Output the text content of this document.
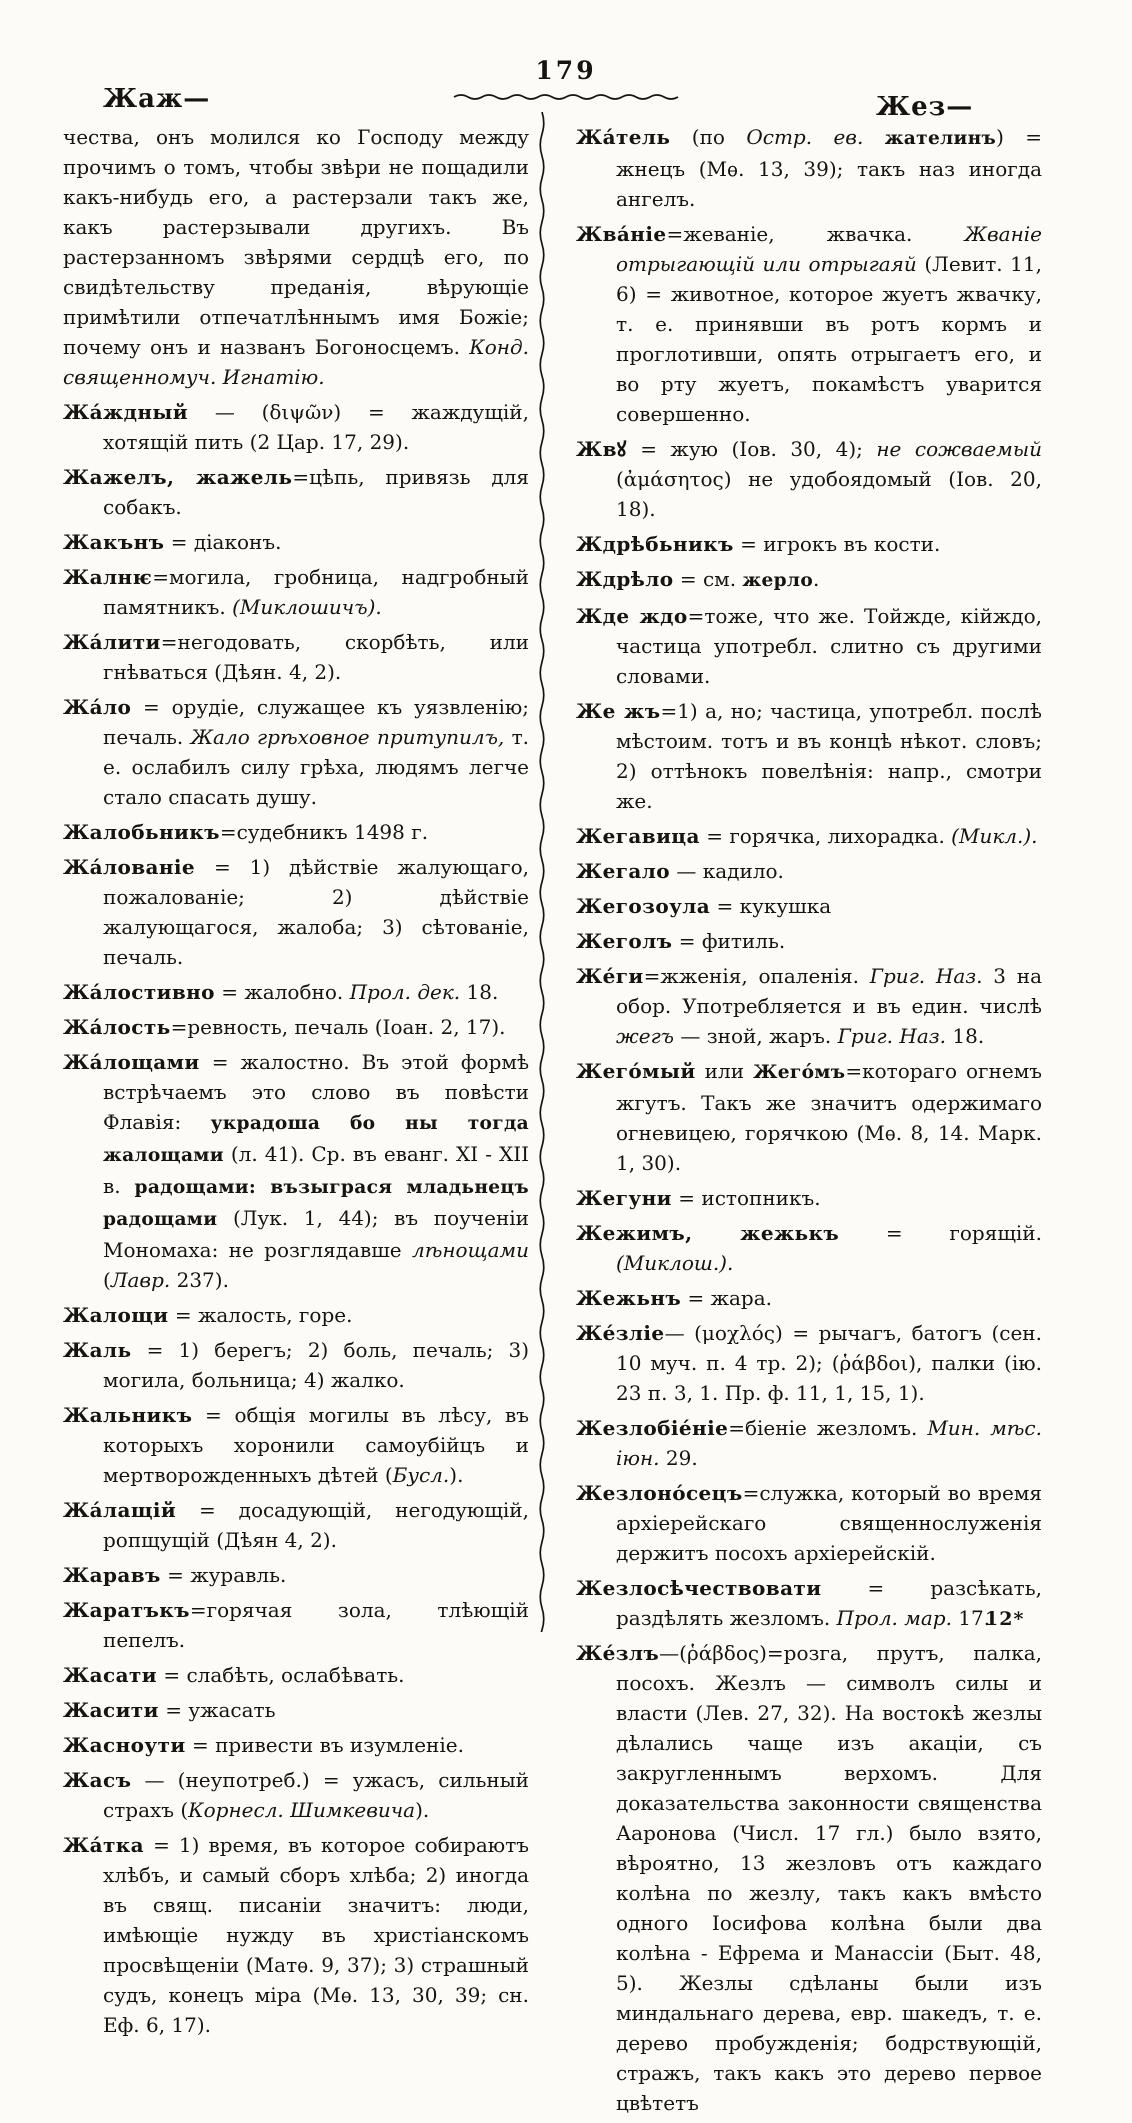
179
Жаж—	Жез—

чества, онъ молился ко Господу между прочимъ о томъ, чтобы звѣри не пощадили какъ-нибудь его, а растерзали такъ же, какъ растерзывали другихъ. Въ растерзанномъ звѣрями сердцѣ его, по свидѣтельству преданія, вѣрующіе примѣтили отпечатлѣннымъ имя Божіе; почему онъ и названъ Богоносцемъ. Конд. священномуч. Игнатію.

Жа́ждный — (διψῶν) = жаждущій, хотящій пить (2 Цар. 17, 29).

Жажелъ, жажель=цѣпь, привязь для собакъ.

Жакънъ = діаконъ.

Жалнѥ=могила, гробница, надгробный памятникъ. (Миклошичъ).

Жа́лити=негодовать, скорбѣть, или гнѣваться (Дѣян. 4, 2).

Жа́ло = орудіе, служащее къ уязвленію; печаль. Жало грѣховное притупилъ, т. е. ослабилъ силу грѣха, людямъ легче стало спасать душу.

Жалобьникъ=судебникъ 1498 г.

Жа́лованіе = 1) дѣйствіе жалующаго, пожалованіе; 2) дѣйствіе жалующагося, жалоба; 3) сѣтованіе, печаль.

Жа́лостивно = жалобно. Прол. дек. 18.

Жа́лость=ревность, печаль (Іоан. 2, 17).

Жа́лощами = жалостно. Въ этой формѣ встрѣчаемъ это слово въ повѣсти Флавія: украдоша бо ны тогда жалощами (л. 41). Ср. въ еванг. XI - XII в. радощами: възыграся младьнецъ радощами (Лук. 1, 44); въ поученіи Мономаха: не розглядавше лѣнощами (Лавр. 237).

Жалощи = жалость, горе.

Жаль = 1) берегъ; 2) боль, печаль; 3) могила, больница; 4) жалко.

Жальникъ = общія могилы въ лѣсу, въ которыхъ хоронили самоубійцъ и мертворожденныхъ дѣтей (Бусл.).

Жа́лащій = досадующій, негодующій, ропщущій (Дѣян 4, 2).

Жаравъ = журавль.

Жаратъкъ=горячая зола, тлѣющій пепелъ.

Жасати = слабѣть, ослабѣвать.

Жасити = ужасать

Жасноути = привести въ изумленіе.

Жасъ — (неупотреб.) = ужасъ, сильный страхъ (Корнесл. Шимкевича).

Жа́тка = 1) время, въ которое собираютъ хлѣбъ, и самый сборъ хлѣба; 2) иногда въ свящ. писаніи значитъ: люди, имѣющіе нужду въ христіанскомъ просвѣщеніи (Матѳ. 9, 37); 3) страшный судъ, конецъ міра (Мѳ. 13, 30, 39; сн. Еф. 6, 17).

Жа́тель (по Остр. ев. жателинъ) = жнецъ (Мѳ. 13, 39); такъ наз иногда ангелъ.

Жва́ніе=жеваніе, жвачка. Жваніе отрыгающій или отрыгаяй (Левит. 11, 6) = животное, которое жуетъ жвачку, т. е. принявши въ ротъ кормъ и проглотивши, опять отрыгаетъ его, и во рту жуетъ, покамѣстъ уварится совершенно.

Жвꙋ = жую (Іов. 30, 4); не сожваемый (ἀμάσητος) не удобоядомый (Іов. 20, 18).

Ждрѣбьникъ = игрокъ въ кости.

Ждрѣло = см. жерло.

Жде ждо=тоже, что же. Тойжде, кійждо, частица употребл. слитно съ другими словами.

Же жъ=1) а, но; частица, употребл. послѣ мѣстоим. тотъ и въ концѣ нѣкот. словъ; 2) оттѣнокъ повелѣнія: напр., смотри же.

Жегавица = горячка, лихорадка. (Микл.).

Жегало — кадило.

Жегозоула = кукушка

Жеголъ = фитиль.

Же́ги=жженія, опаленія. Григ. Наз. 3 на обор. Употребляется и въ един. числѣ жегъ — зной, жаръ. Григ. Наз. 18.

Жего́мый или Жего́мъ=котораго огнемъ жгутъ. Такъ же значитъ одержимаго огневицею, горячкою (Мѳ. 8, 14. Марк. 1, 30).

Жегуни = истопникъ.

Жежимъ, жежькъ = горящій. (Миклош.).

Жежьнъ = жара.

Же́зліе— (μοχλός) = рычагъ, батогъ (сен. 10 муч. п. 4 тр. 2); (ῥάβδοι), палки (ію. 23 п. 3, 1. Пр. ф. 11, 1, 15, 1).

Жезлобіе́ніе=біеніе жезломъ. Мин. мѣс. іюн. 29.

Жезлоно́сецъ=служка, который во время архіерейскаго священнослуженія держитъ посохъ архіерейскій.

Жезлосѣчествовати = разсѣкать, раздѣлять жезломъ. Прол. мар. 17.

Же́злъ—(ῥάβδος)=розга, прутъ, палка, посохъ. Жезлъ — символъ силы и власти (Лев. 27, 32). На востокѣ жезлы дѣлались чаще изъ акаціи, съ закругленнымъ верхомъ. Для доказательства законности священства Ааронова (Числ. 17 гл.) было взято, вѣроятно, 13 жезловъ отъ каждаго колѣна по жезлу, такъ какъ вмѣсто одного Іосифова колѣна были два колѣна - Ефрема и Манассіи (Быт. 48, 5). Жезлы сдѣланы были изъ миндальнаго дерева, евр. шакедъ, т. е. дерево пробужденія; бодрствующій, стражъ, такъ какъ это дерево первое цвѣтетъ

12*
